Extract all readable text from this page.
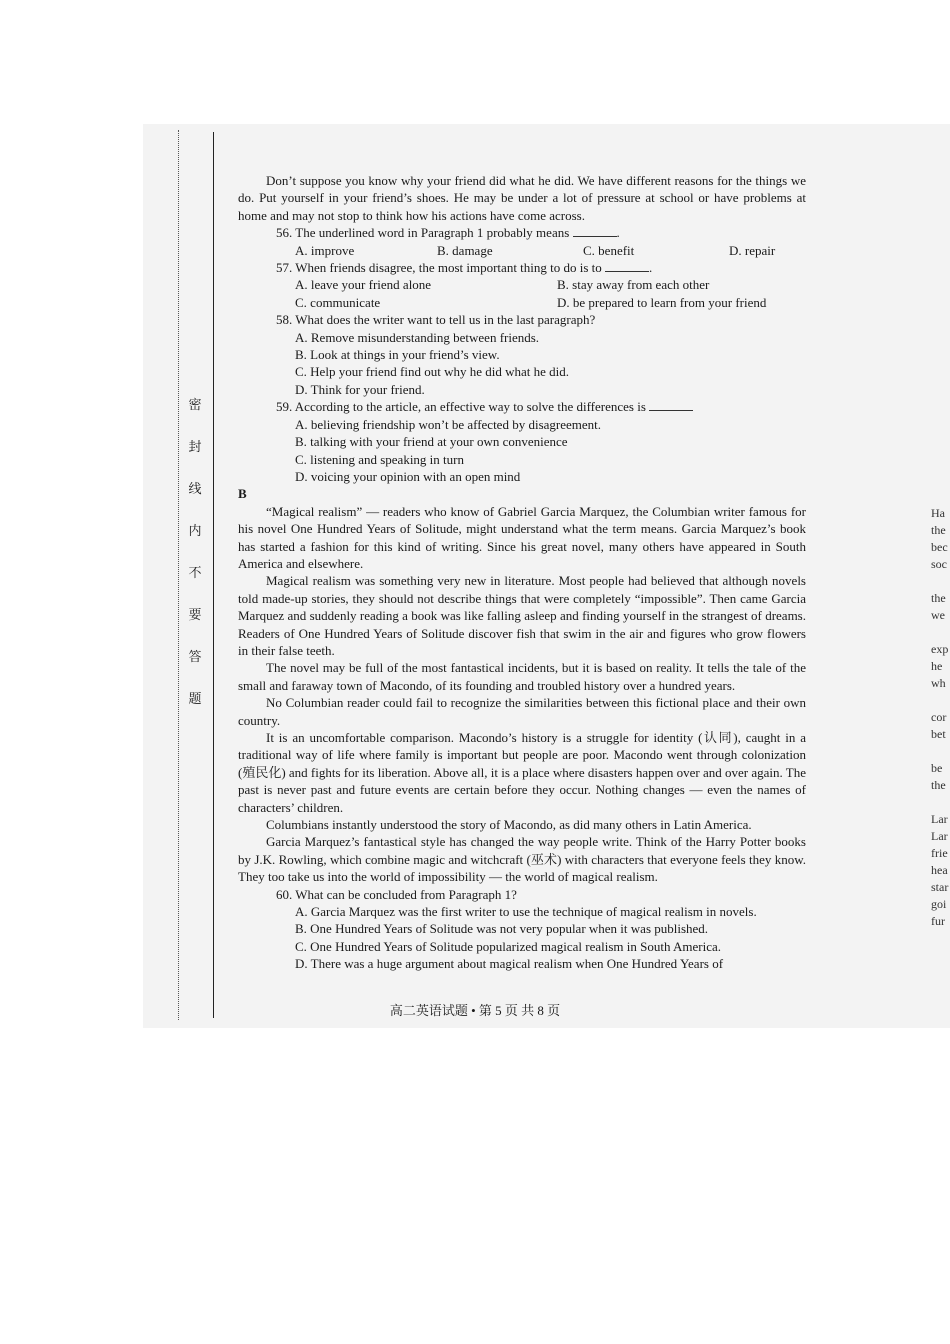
密
封
线
内
不
要
答
题

Don’t suppose you know why your friend did what he did. We have different reasons for the things we do. Put yourself in your friend’s shoes. He may be under a lot of pressure at school or have problems at home and may not stop to think how his actions have come across.

56. The underlined word in Paragraph 1 probably means	.

A. improve	B. damage	C. benefit	D. repair

57. When friends disagree, the most important thing to do is to	.

A. leave your friend alone	B. stay away from each other
C. communicate	D. be prepared to learn from your friend

58. What does the writer want to tell us in the last paragraph?

A. Remove misunderstanding between friends.

B. Look at things in your friend’s view.

C. Help your friend find out why he did what he did.

D. Think for your friend.

59. According to the article, an effective way to solve the differences is

A. believing friendship won’t be affected by disagreement.

B. talking with your friend at your own convenience

C. listening and speaking in turn

D. voicing your opinion with an open mind

B

“Magical realism” — readers who know of Gabriel Garcia Marquez, the Columbian writer famous for his novel One Hundred Years of Solitude, might understand what the term means. Garcia Marquez’s book has started a fashion for this kind of writing. Since his great novel, many others have appeared in South America and elsewhere.

Magical realism was something very new in literature. Most people had believed that although novels told made-up stories, they should not describe things that were completely “impossible”. Then came Garcia Marquez and suddenly reading a book was like falling asleep and finding yourself in the strangest of dreams. Readers of One Hundred Years of Solitude discover fish that swim in the air and figures who grow flowers in their false teeth.

The novel may be full of the most fantastical incidents, but it is based on reality. It tells the tale of the small and faraway town of Macondo, of its founding and troubled history over a hundred years.

No Columbian reader could fail to recognize the similarities between this fictional place and their own country.

It is an uncomfortable comparison. Macondo’s history is a struggle for identity (认同), caught in a traditional way of life where family is important but people are poor. Macondo went through colonization (殖民化) and fights for its liberation. Above all, it is a place where disasters happen over and over again. The past is never past and future events are certain before they occur. Nothing changes — even the names of characters’ children.

Columbians instantly understood the story of Macondo, as did many others in Latin America.

Garcia Marquez’s fantastical style has changed the way people write. Think of the Harry Potter books by J.K. Rowling, which combine magic and witchcraft (巫术) with characters that everyone feels they know. They too take us into the world of impossibility — the world of magical realism.

60. What can be concluded from Paragraph 1?

A. Garcia Marquez was the first writer to use the technique of magical realism in novels.

B. One Hundred Years of Solitude was not very popular when it was published.

C. One Hundred Years of Solitude popularized magical realism in South America.

D. There was a huge argument about magical realism when One Hundred Years of

Ha
the
bec
soc

the
we

exp
he
wh

cor
bet

be
the

Lar
Lar
frie
hea
star
goi
fur
高二英语试题 • 第 5 页 共 8 页
